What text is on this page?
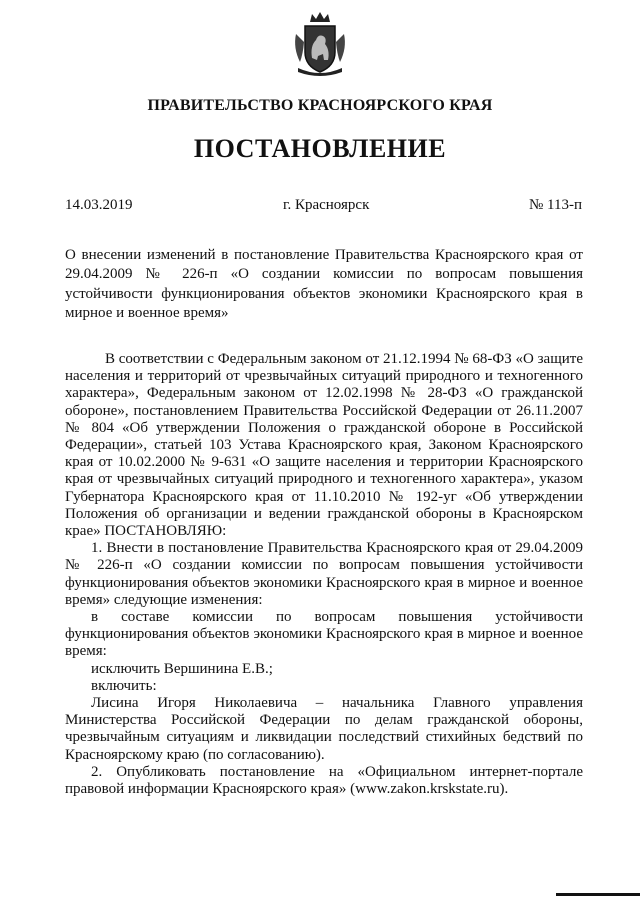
ПРАВИТЕЛЬСТВО КРАСНОЯРСКОГО КРАЯ
ПОСТАНОВЛЕНИЕ
14.03.2019	г. Красноярск	№ 113-п
О внесении изменений в постановление Правительства Красноярского края от 29.04.2009 № 226-п «О создании комиссии по вопросам повышения устойчивости функционирования объектов экономики Красноярского края в мирное и военное время»

В соответствии с Федеральным законом от 21.12.1994 № 68-ФЗ «О защите населения и территорий от чрезвычайных ситуаций природного и техногенного характера», Федеральным законом от 12.02.1998 № 28-ФЗ «О гражданской обороне», постановлением Правительства Российской Федерации от 26.11.2007 № 804 «Об утверждении Положения о гражданской обороне в Российской Федерации», статьей 103 Устава Красноярского края, Законом Красноярского края от 10.02.2000 № 9-631 «О защите населения и территории Красноярского края от чрезвычайных ситуаций природного и техногенного характера», указом Губернатора Красноярского края от 11.10.2010 № 192-уг «Об утверждении Положения об организации и ведении гражданской обороны в Красноярском крае» ПОСТАНОВЛЯЮ:

1. Внести в постановление Правительства Красноярского края от 29.04.2009 № 226-п «О создании комиссии по вопросам повышения устойчивости функционирования объектов экономики Красноярского края в мирное и военное время» следующие изменения:

в составе комиссии по вопросам повышения устойчивости функционирования объектов экономики Красноярского края в мирное и военное время:

исключить Вершинина Е.В.;

включить:

Лисина Игоря Николаевича – начальника Главного управления Министерства Российской Федерации по делам гражданской обороны, чрезвычайным ситуациям и ликвидации последствий стихийных бедствий по Красноярскому краю (по согласованию).

2. Опубликовать постановление на «Официальном интернет-портале правовой информации Красноярского края» (www.zakon.krskstate.ru).
